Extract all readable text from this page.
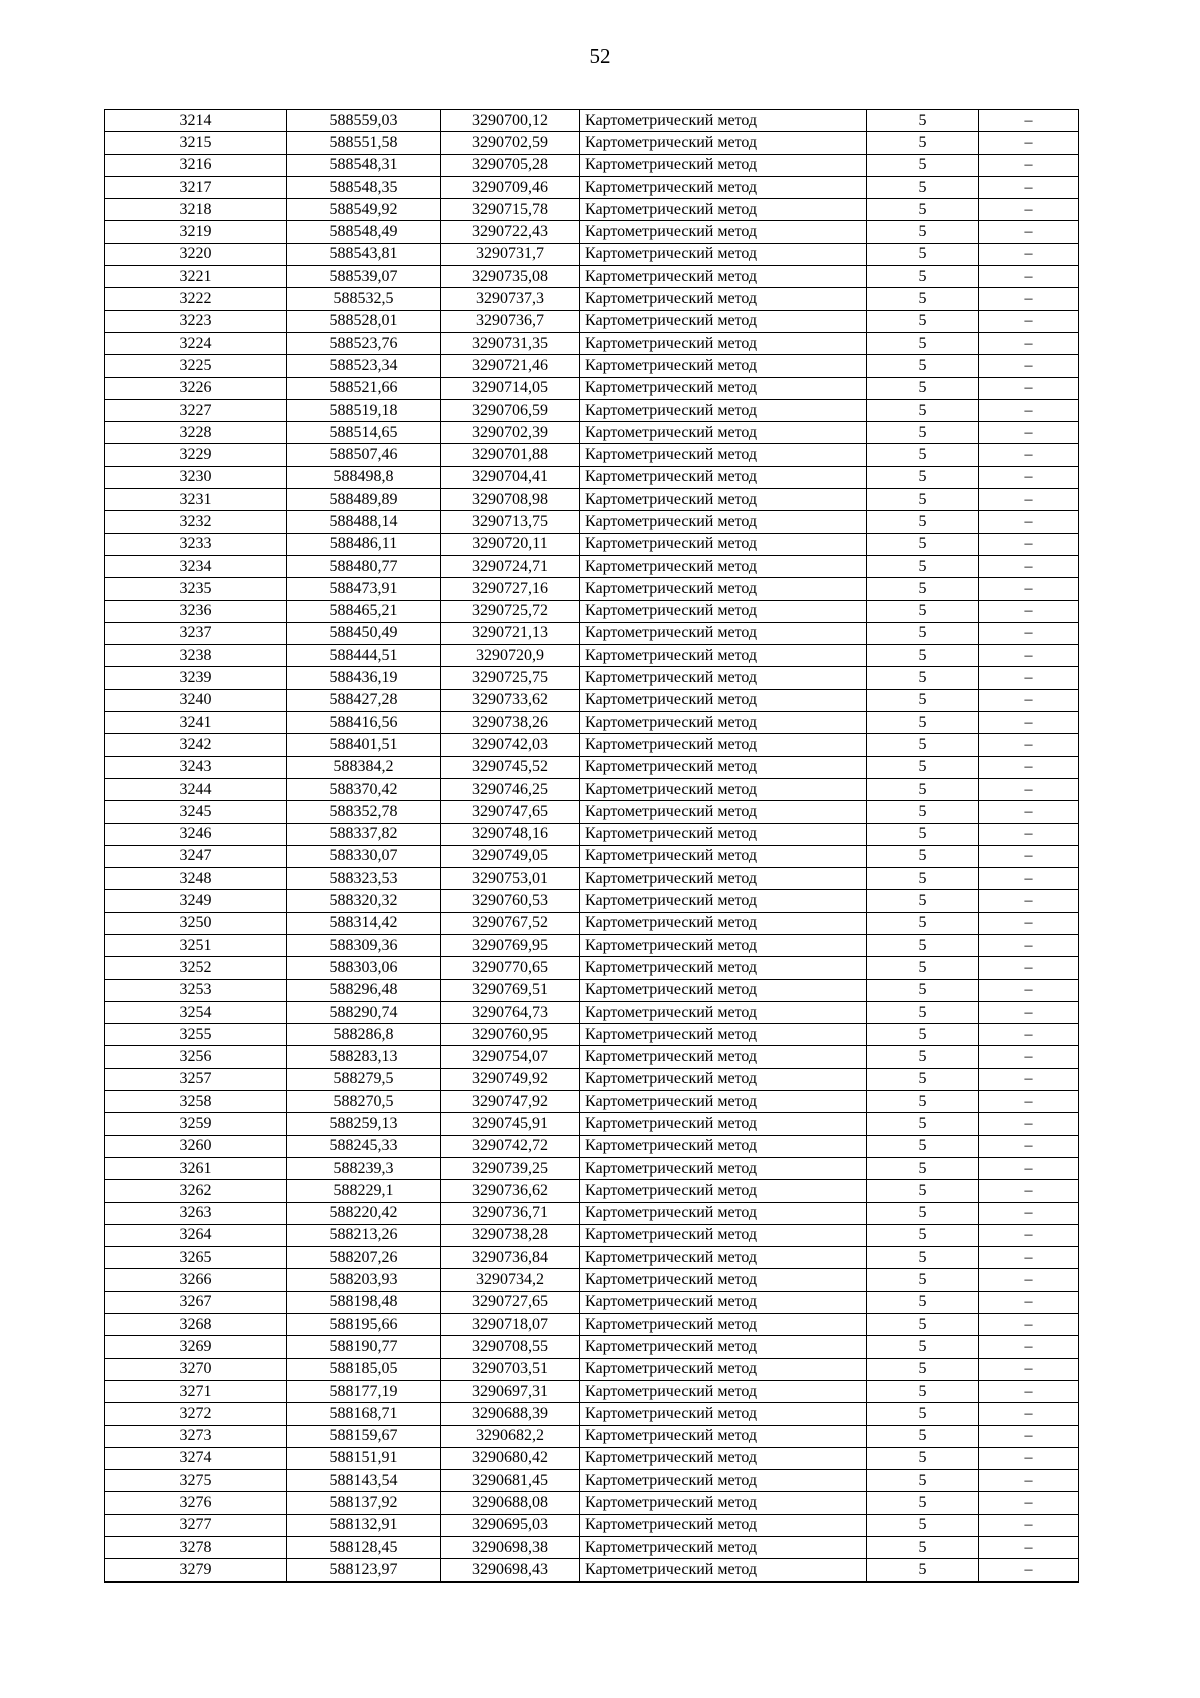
52
3214	588559,03	3290700,12	Картометрический метод	5	–
3215	588551,58	3290702,59	Картометрический метод	5	–
3216	588548,31	3290705,28	Картометрический метод	5	–
3217	588548,35	3290709,46	Картометрический метод	5	–
3218	588549,92	3290715,78	Картометрический метод	5	–
3219	588548,49	3290722,43	Картометрический метод	5	–
3220	588543,81	3290731,7	Картометрический метод	5	–
3221	588539,07	3290735,08	Картометрический метод	5	–
3222	588532,5	3290737,3	Картометрический метод	5	–
3223	588528,01	3290736,7	Картометрический метод	5	–
3224	588523,76	3290731,35	Картометрический метод	5	–
3225	588523,34	3290721,46	Картометрический метод	5	–
3226	588521,66	3290714,05	Картометрический метод	5	–
3227	588519,18	3290706,59	Картометрический метод	5	–
3228	588514,65	3290702,39	Картометрический метод	5	–
3229	588507,46	3290701,88	Картометрический метод	5	–
3230	588498,8	3290704,41	Картометрический метод	5	–
3231	588489,89	3290708,98	Картометрический метод	5	–
3232	588488,14	3290713,75	Картометрический метод	5	–
3233	588486,11	3290720,11	Картометрический метод	5	–
3234	588480,77	3290724,71	Картометрический метод	5	–
3235	588473,91	3290727,16	Картометрический метод	5	–
3236	588465,21	3290725,72	Картометрический метод	5	–
3237	588450,49	3290721,13	Картометрический метод	5	–
3238	588444,51	3290720,9	Картометрический метод	5	–
3239	588436,19	3290725,75	Картометрический метод	5	–
3240	588427,28	3290733,62	Картометрический метод	5	–
3241	588416,56	3290738,26	Картометрический метод	5	–
3242	588401,51	3290742,03	Картометрический метод	5	–
3243	588384,2	3290745,52	Картометрический метод	5	–
3244	588370,42	3290746,25	Картометрический метод	5	–
3245	588352,78	3290747,65	Картометрический метод	5	–
3246	588337,82	3290748,16	Картометрический метод	5	–
3247	588330,07	3290749,05	Картометрический метод	5	–
3248	588323,53	3290753,01	Картометрический метод	5	–
3249	588320,32	3290760,53	Картометрический метод	5	–
3250	588314,42	3290767,52	Картометрический метод	5	–
3251	588309,36	3290769,95	Картометрический метод	5	–
3252	588303,06	3290770,65	Картометрический метод	5	–
3253	588296,48	3290769,51	Картометрический метод	5	–
3254	588290,74	3290764,73	Картометрический метод	5	–
3255	588286,8	3290760,95	Картометрический метод	5	–
3256	588283,13	3290754,07	Картометрический метод	5	–
3257	588279,5	3290749,92	Картометрический метод	5	–
3258	588270,5	3290747,92	Картометрический метод	5	–
3259	588259,13	3290745,91	Картометрический метод	5	–
3260	588245,33	3290742,72	Картометрический метод	5	–
3261	588239,3	3290739,25	Картометрический метод	5	–
3262	588229,1	3290736,62	Картометрический метод	5	–
3263	588220,42	3290736,71	Картометрический метод	5	–
3264	588213,26	3290738,28	Картометрический метод	5	–
3265	588207,26	3290736,84	Картометрический метод	5	–
3266	588203,93	3290734,2	Картометрический метод	5	–
3267	588198,48	3290727,65	Картометрический метод	5	–
3268	588195,66	3290718,07	Картометрический метод	5	–
3269	588190,77	3290708,55	Картометрический метод	5	–
3270	588185,05	3290703,51	Картометрический метод	5	–
3271	588177,19	3290697,31	Картометрический метод	5	–
3272	588168,71	3290688,39	Картометрический метод	5	–
3273	588159,67	3290682,2	Картометрический метод	5	–
3274	588151,91	3290680,42	Картометрический метод	5	–
3275	588143,54	3290681,45	Картометрический метод	5	–
3276	588137,92	3290688,08	Картометрический метод	5	–
3277	588132,91	3290695,03	Картометрический метод	5	–
3278	588128,45	3290698,38	Картометрический метод	5	–
3279	588123,97	3290698,43	Картометрический метод	5	–
